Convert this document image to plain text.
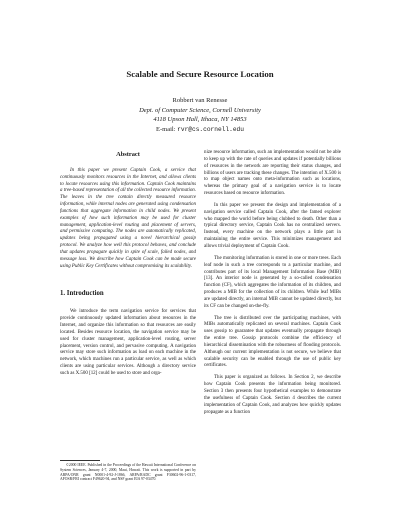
Scalable and Secure Resource Location
Robbert van Renesse
Dept. of Computer Science, Cornell University
4118 Upson Hall, Ithaca, NY 14853
E-mail: rvr@cs.cornell.edu
Abstract

In this paper we present Captain Cook, a service that continuously monitors resources in the Internet, and allows clients to locate resources using this information. Captain Cook maintains a tree-based representation of all the collected resource information. The leaves in the tree contain directly measured resource information, while internal nodes are generated using condensation functions that aggregate information in child nodes. We present examples of how such information may be used for cluster management, application-level routing and placement of servers, and permissive computing. The nodes are automatically replicated, updates being propagated using a novel hierarchical gossip protocol. We analyze how well this protocol behaves, and conclude that updates propagate quickly in spite of scale, failed nodes, and message loss. We describe how Captain Cook can be made secure using Public Key Certificates without compromising its scalability.

1. Introduction

We introduce the term navigation service for services that provide continuously updated information about resources in the Internet, and organize this information so that resources are easily located. Besides resource location, the navigation service may be used for cluster management, application-level routing, server placement, version control, and pervasive computing. A navigation service may store such information as load on each machine in the network, which machines run a particular service, as well as which clients are using particular services. Although a directory service such as X.500 [12] could be used to store and orga-

nize resource information, such an implementation would not be able to keep up with the rate of queries and updates if potentially billions of resources in the network are reporting their status changes, and billions of users are tracking these changes. The intention of X.500 is to map object names onto meta-information such as locations, whereas the primary goal of a navigation service is to locate resources based on resource information.

In this paper we present the design and implementation of a navigation service called Captain Cook, after the famed explorer who mapped the world before being clubbed to death. Other than a typical directory service, Captain Cook has no centralized servers. Instead, every machine on the network plays a little part in maintaining the entire service. This minimizes management and allows trivial deployment of Captain Cook.

The monitoring information is stored in one or more trees. Each leaf node in such a tree corresponds to a particular machine, and contributes part of its local Management Information Base (MIB) [13]. An interior node is generated by a so-called condensation function (CF), which aggregates the information of its children, and produces a MIB for the collection of its children. While leaf MIBs are updated directly, an internal MIB cannot be updated directly, but its CF can be changed on-the-fly.

The tree is distributed over the participating machines, with MIBs automatically replicated on several machines. Captain Cook uses gossip to guarantee that updates eventually propagate through the entire tree. Gossip protocols combine the efficiency of hierarchical dissemination with the robustness of flooding protocols. Although our current implementation is not secure, we believe that scalable security can be enabled through the use of public key certificates.

This paper is organized as follows. In Section 2, we describe how Captain Cook presents the information being monitored. Section 3 then presents four hypothetical examples to demonstrate the usefulness of Captain Cook. Section 4 describes the current implementation of Captain Cook, and analyzes how quickly updates propagate as a function

©2000 IEEE. Published in the Proceedings of the Hawaii International Conference on System Sciences, January 4-7, 2000, Maui, Hawaii. This work is supported in part by ARPA/ONR grant N0001-4-92-J-1866, ARPA/RADC grant F30602-96-1-0317, AFOSR/FRI contract F49620-94, and NSF grant EIA 97-03470.
